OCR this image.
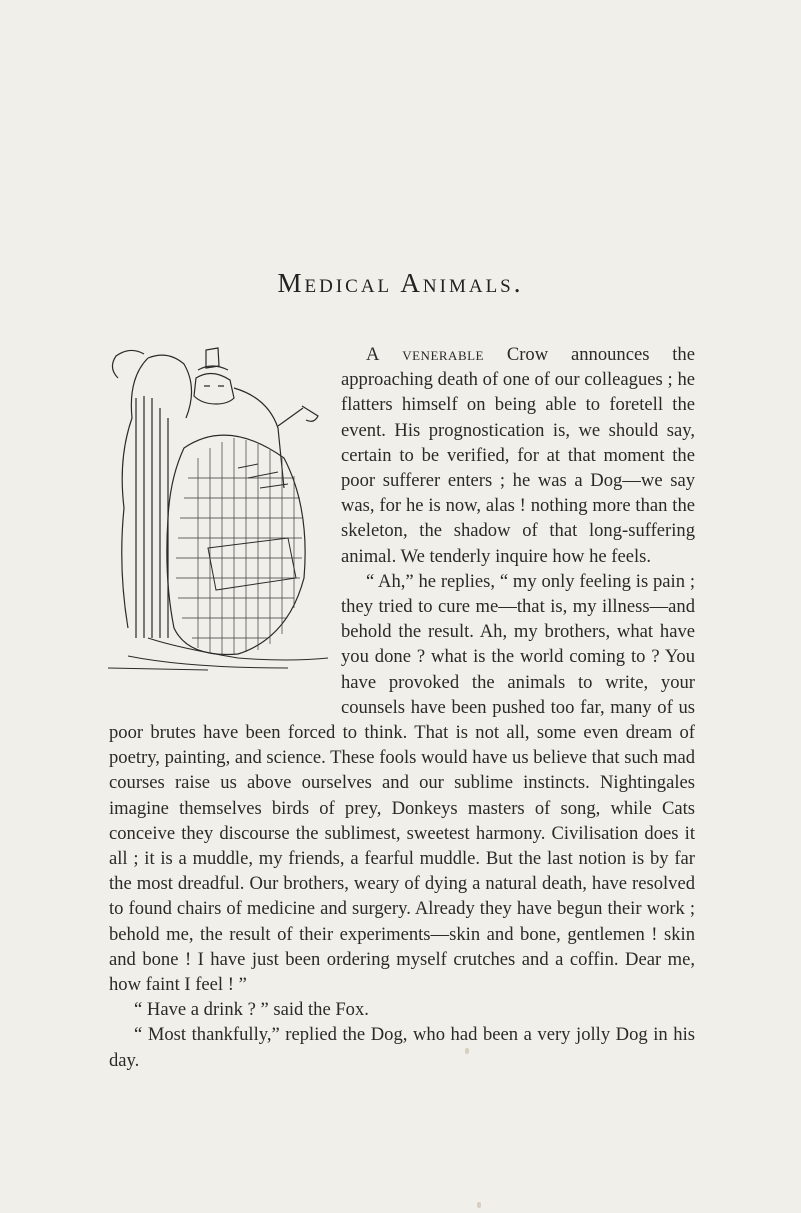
Medical Animals.

A venerable Crow announces the approaching death of one of our colleagues ; he flatters himself on being able to foretell the event. His prognostication is, we should say, certain to be verified, for at that moment the poor sufferer enters ; he was a Dog—we say was, for he is now, alas ! nothing more than the skeleton, the shadow of that long-suffering animal. We tenderly inquire how he feels.

“ Ah,” he replies, “ my only feeling is pain ; they tried to cure me—that is, my illness—and behold the result. Ah, my brothers, what have you done ? what is the world coming to ? You have provoked the animals to write, your counsels have been pushed too far, many of us poor brutes have been forced to think. That is not all, some even dream of poetry, painting, and science. These fools would have us believe that such mad courses raise us above ourselves and our sublime instincts. Nightingales imagine themselves birds of prey, Donkeys masters of song, while Cats conceive they discourse the sublimest, sweetest harmony. Civilisation does it all ; it is a muddle, my friends, a fearful muddle. But the last notion is by far the most dreadful. Our brothers, weary of dying a natural death, have resolved to found chairs of medicine and surgery. Already they have begun their work ; behold me, the result of their experiments—skin and bone, gentlemen ! skin and bone ! I have just been ordering myself crutches and a coffin. Dear me, how faint I feel ! ”

“ Have a drink ? ” said the Fox.

“ Most thankfully,” replied the Dog, who had been a very jolly Dog in his day.
